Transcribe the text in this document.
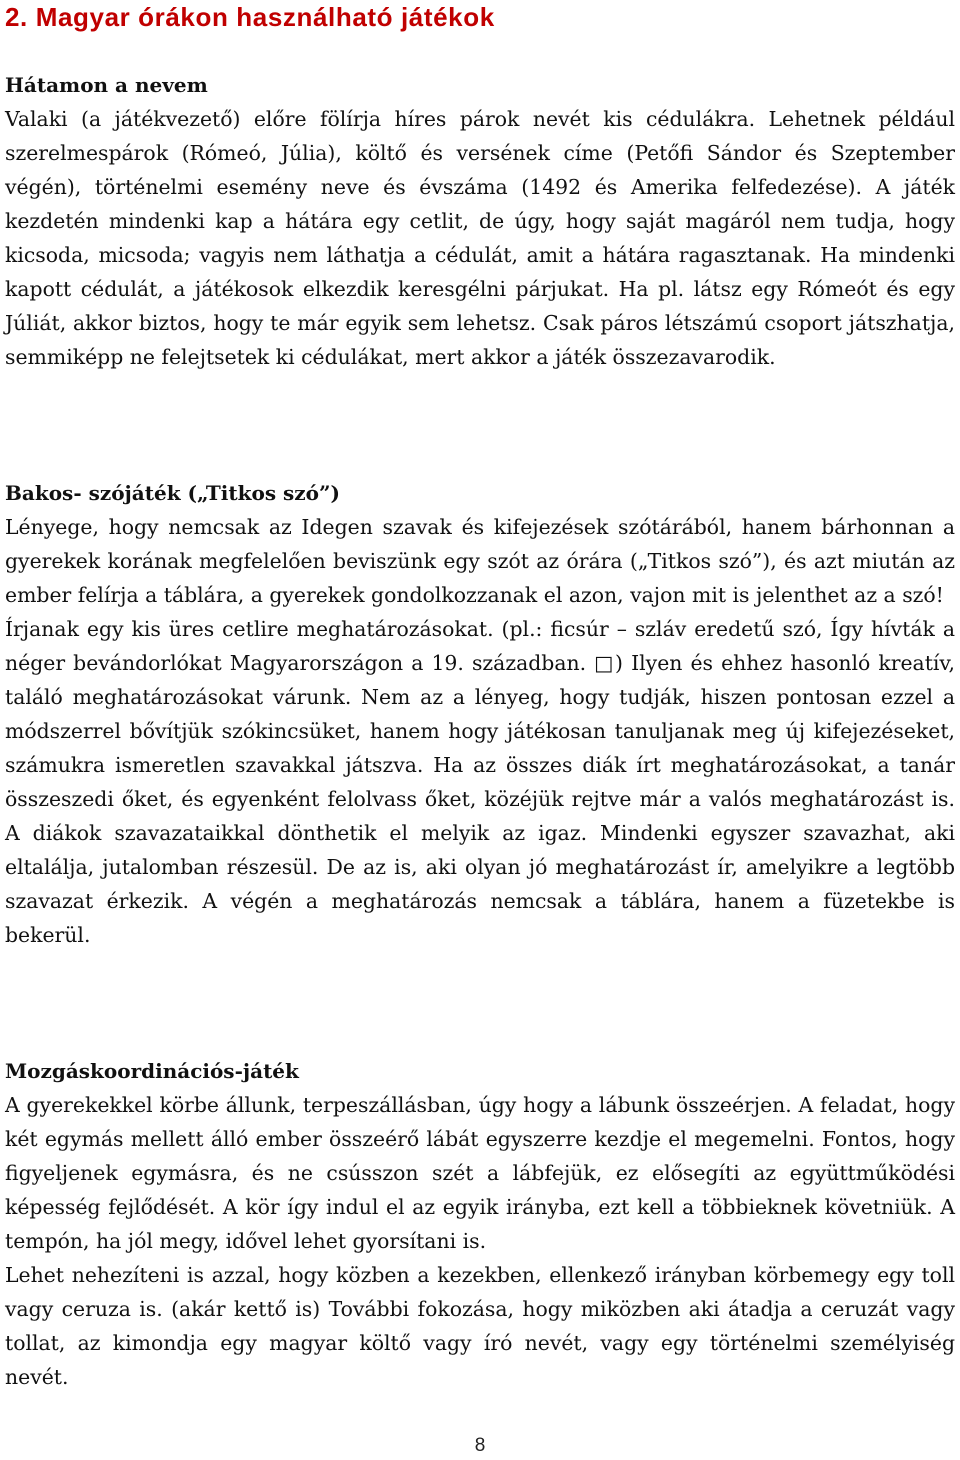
2. Magyar órákon használható játékok
Hátamon a nevem

Valaki (a játékvezető) előre fölírja híres párok nevét kis cédulákra. Lehetnek például szerelmespárok (Rómeó, Júlia), költő és versének címe (Petőfi Sándor és Szeptember végén), történelmi esemény neve és évszáma (1492 és Amerika felfedezése). A játék kezdetén mindenki kap a hátára egy cetlit, de úgy, hogy saját magáról nem tudja, hogy kicsoda, micsoda; vagyis nem láthatja a cédulát, amit a hátára ragasztanak. Ha mindenki kapott cédulát, a játékosok elkezdik keresgélni párjukat. Ha pl. látsz egy Rómeót és egy Júliát, akkor biztos, hogy te már egyik sem lehetsz. Csak páros létszámú csoport játszhatja, semmiképp ne felejtsetek ki cédulákat, mert akkor a játék összezavarodik.

Bakos- szójáték („Titkos szó”)

Lényege, hogy nemcsak az Idegen szavak és kifejezések szótárából, hanem bárhonnan a gyerekek korának megfelelően beviszünk egy szót az órára („Titkos szó”), és azt miután az ember felírja a táblára, a gyerekek gondolkozzanak el azon, vajon mit is jelenthet az a szó!

Írjanak egy kis üres cetlire meghatározásokat. (pl.: ficsúr – szláv eredetű szó, Így hívták a néger bevándorlókat Magyarországon a 19. században. □) Ilyen és ehhez hasonló kreatív, találó meghatározásokat várunk. Nem az a lényeg, hogy tudják, hiszen pontosan ezzel a módszerrel bővítjük szókincsüket, hanem hogy játékosan tanuljanak meg új kifejezéseket, számukra ismeretlen szavakkal játszva. Ha az összes diák írt meghatározásokat, a tanár összeszedi őket, és egyenként felolvass őket, közéjük rejtve már a valós meghatározást is. A diákok szavazataikkal dönthetik el melyik az igaz. Mindenki egyszer szavazhat, aki eltalálja, jutalomban részesül. De az is, aki olyan jó meghatározást ír, amelyikre a legtöbb szavazat érkezik. A végén a meghatározás nemcsak a táblára, hanem a füzetekbe is bekerül.

Mozgáskoordinációs-játék

A gyerekekkel körbe állunk, terpeszállásban, úgy hogy a lábunk összeérjen. A feladat, hogy két egymás mellett álló ember összeérő lábát egyszerre kezdje el megemelni. Fontos, hogy figyeljenek egymásra, és ne csússzon szét a lábfejük, ez elősegíti az együttműködési képesség fejlődését. A kör így indul el az egyik irányba, ezt kell a többieknek követniük. A tempón, ha jól megy, idővel lehet gyorsítani is.

Lehet nehezíteni is azzal, hogy közben a kezekben, ellenkező irányban körbemegy egy toll vagy ceruza is. (akár kettő is) További fokozása, hogy miközben aki átadja a ceruzát vagy tollat, az kimondja egy magyar költő vagy író nevét, vagy egy történelmi személyiség nevét.

8
